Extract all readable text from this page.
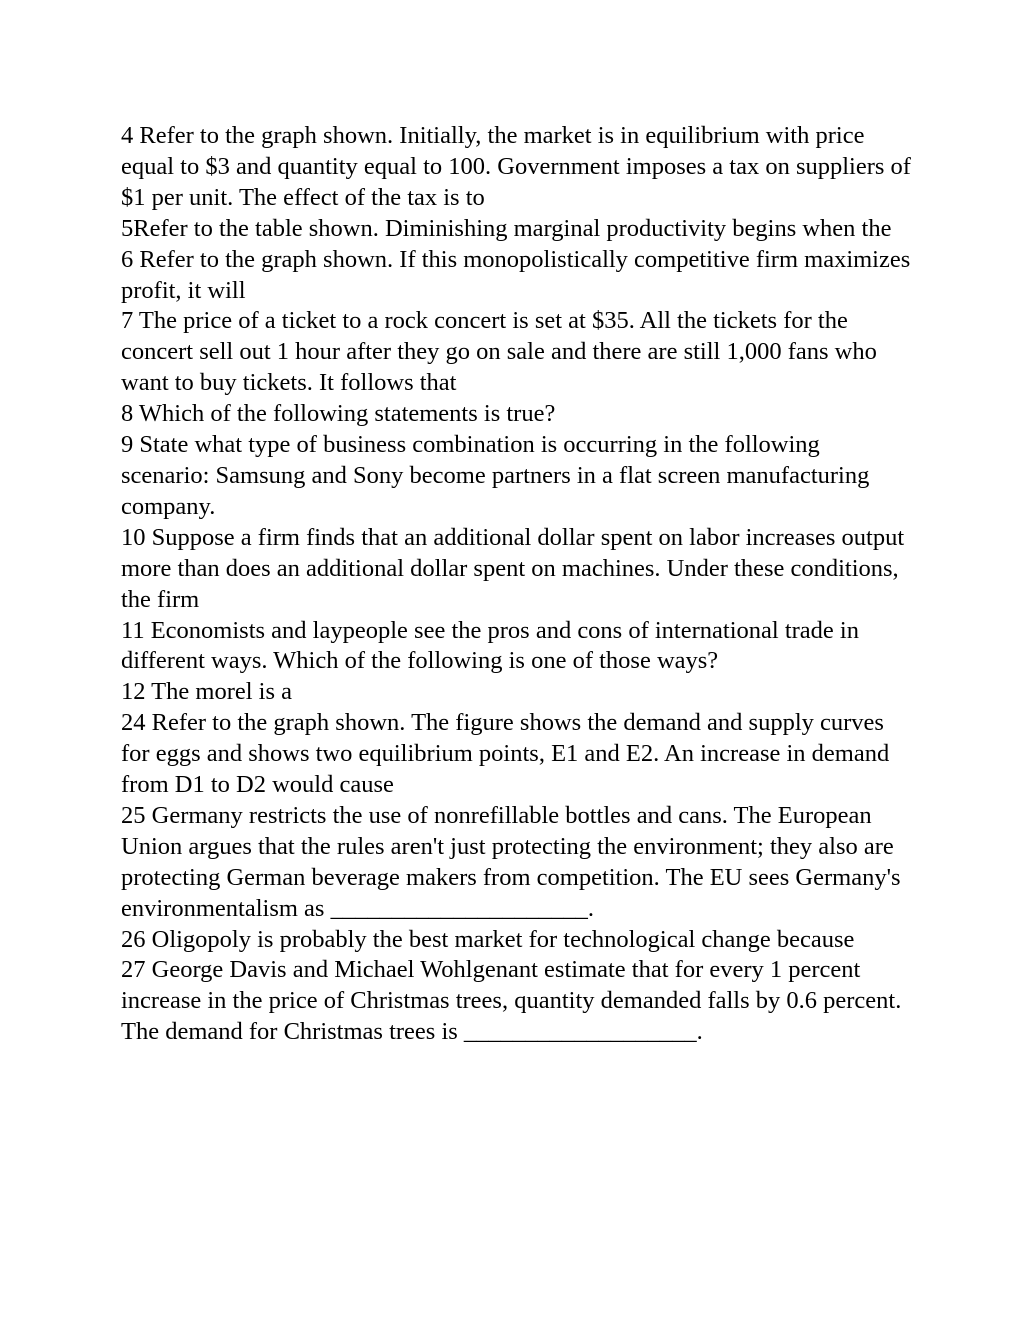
4 Refer to the graph shown. Initially, the market is in equilibrium with price equal to $3 and quantity equal to 100. Government imposes a tax on suppliers of $1 per unit. The effect of the tax is to

5Refer to the table shown. Diminishing marginal productivity begins when the

6 Refer to the graph shown. If this monopolistically competitive firm maximizes profit, it will

7 The price of a ticket to a rock concert is set at $35. All the tickets for the concert sell out 1 hour after they go on sale and there are still 1,000 fans who want to buy tickets. It follows that

8 Which of the following statements is true?

9 State what type of business combination is occurring in the following scenario: Samsung and Sony become partners in a flat screen manufacturing company.

10 Suppose a firm finds that an additional dollar spent on labor increases output more than does an additional dollar spent on machines. Under these conditions, the firm

11 Economists and laypeople see the pros and cons of international trade in different ways. Which of the following is one of those ways?

12 The morel is a

24 Refer to the graph shown. The figure shows the demand and supply curves for eggs and shows two equilibrium points, E1 and E2. An increase in demand from D1 to D2 would cause

25 Germany restricts the use of nonrefillable bottles and cans. The European Union argues that the rules aren't just protecting the environment; they also are protecting German beverage makers from competition. The EU sees Germany's environmentalism as _____________________.

26 Oligopoly is probably the best market for technological change because

27 George Davis and Michael Wohlgenant estimate that for every 1 percent increase in the price of Christmas trees, quantity demanded falls by 0.6 percent. The demand for Christmas trees is ___________________.
